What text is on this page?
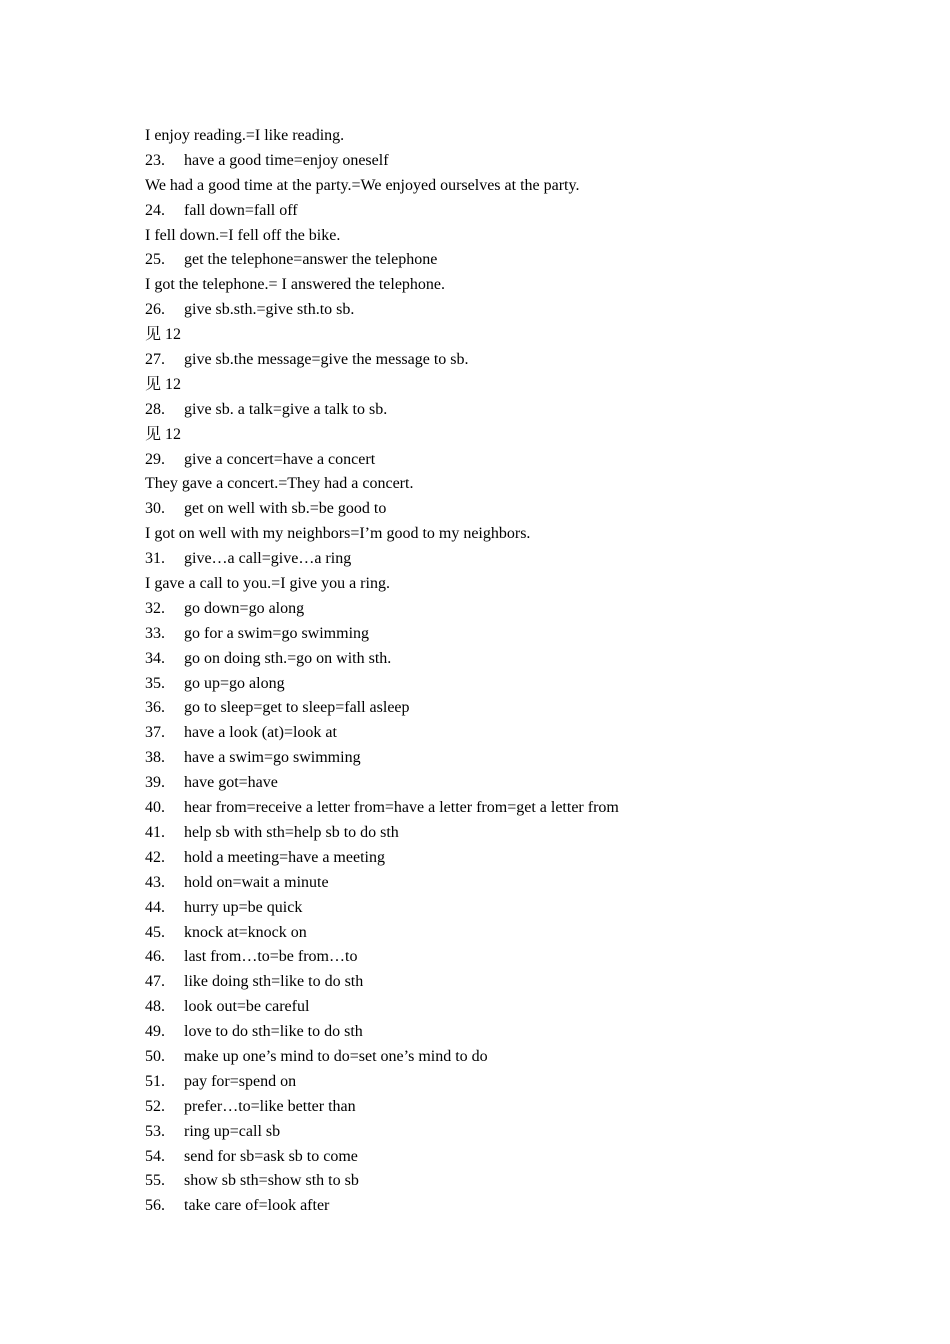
I enjoy reading.=I like reading.
23. have a good time=enjoy oneself
We had a good time at the party.=We enjoyed ourselves at the party.
24. fall down=fall off
I fell down.=I fell off the bike.
25. get the telephone=answer the telephone
I got the telephone.= I answered the telephone.
26. give sb.sth.=give sth.to sb.
见 12
27. give sb.the message=give the message to sb.
见 12
28. give sb. a talk=give a talk to sb.
见 12
29. give a concert=have a concert
They gave a concert.=They had a concert.
30. get on well with sb.=be good to
I got on well with my neighbors=I’m good to my neighbors.
31. give…a call=give…a ring
I gave a call to you.=I give you a ring.
32. go down=go along
33. go for a swim=go swimming
34. go on doing sth.=go on with sth.
35. go up=go along
36. go to sleep=get to sleep=fall asleep
37. have a look (at)=look at
38. have a swim=go swimming
39. have got=have
40. hear from=receive a letter from=have a letter from=get a letter from
41. help sb with sth=help sb to do sth
42. hold a meeting=have a meeting
43. hold on=wait a minute
44. hurry up=be quick
45. knock at=knock on
46. last from…to=be from…to
47. like doing sth=like to do sth
48. look out=be careful
49. love to do sth=like to do sth
50. make up one’s mind to do=set one’s mind to do
51. pay for=spend on
52. prefer…to=like better than
53. ring up=call sb
54. send for sb=ask sb to come
55. show sb sth=show sth to sb
56. take care of=look after
